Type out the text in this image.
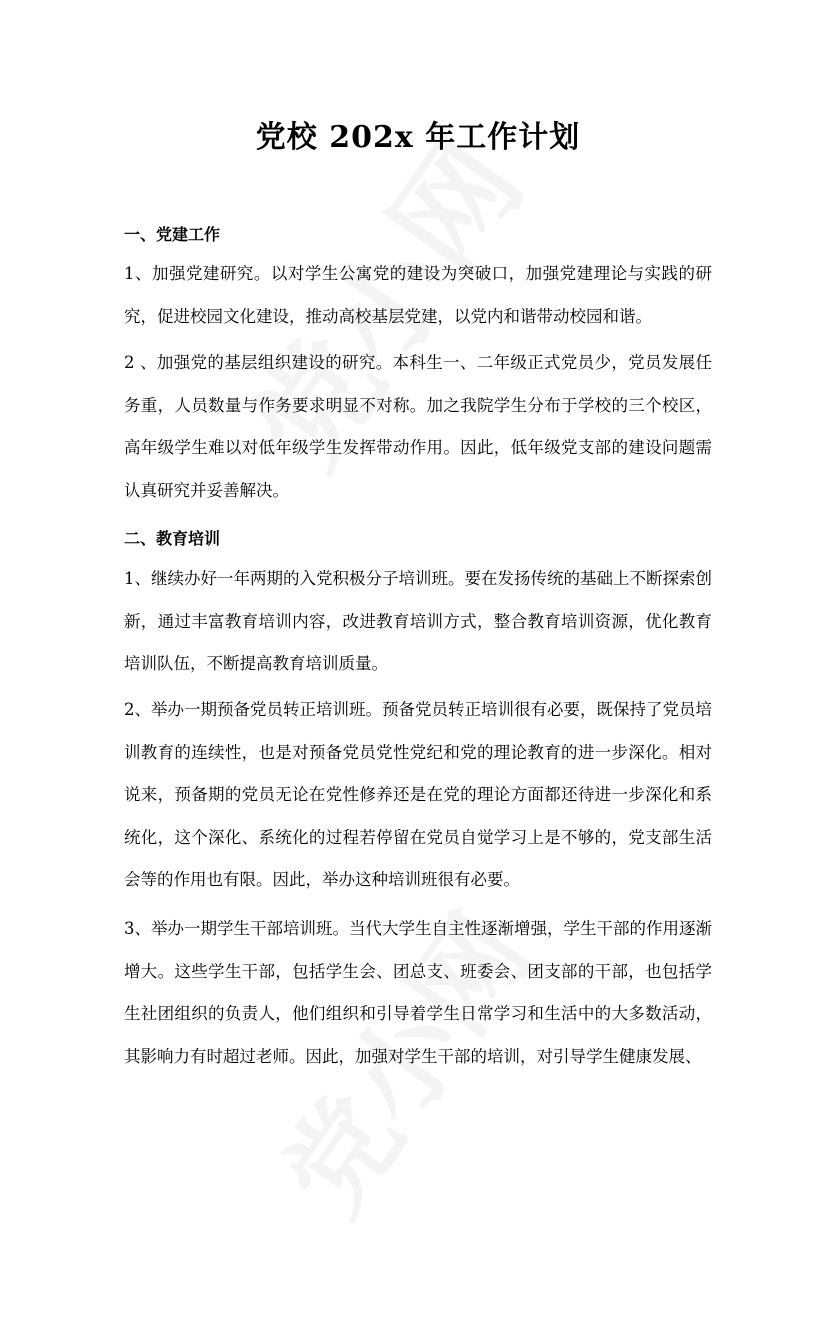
党校 202x 年工作计划
一、党建工作

1、加强党建研究。以对学生公寓党的建设为突破口，加强党建理论与实践的研究，促进校园文化建设，推动高校基层党建，以党内和谐带动校园和谐。

2 、加强党的基层组织建设的研究。本科生一、二年级正式党员少，党员发展任务重，人员数量与作务要求明显不对称。加之我院学生分布于学校的三个校区，高年级学生难以对低年级学生发挥带动作用。因此，低年级党支部的建设问题需认真研究并妥善解决。

二、教育培训

1、继续办好一年两期的入党积极分子培训班。要在发扬传统的基础上不断探索创新，通过丰富教育培训内容，改进教育培训方式，整合教育培训资源，优化教育培训队伍，不断提高教育培训质量。

2、举办一期预备党员转正培训班。预备党员转正培训很有必要，既保持了党员培训教育的连续性，也是对预备党员党性党纪和党的理论教育的进一步深化。相对说来，预备期的党员无论在党性修养还是在党的理论方面都还待进一步深化和系统化，这个深化、系统化的过程若停留在党员自觉学习上是不够的，党支部生活会等的作用也有限。因此，举办这种培训班很有必要。

3、举办一期学生干部培训班。当代大学生自主性逐渐增强，学生干部的作用逐渐增大。这些学生干部，包括学生会、团总支、班委会、团支部的干部，也包括学生社团组织的负责人，他们组织和引导着学生日常学习和生活中的大多数活动，其影响力有时超过老师。因此，加强对学生干部的培训，对引导学生健康发展、
